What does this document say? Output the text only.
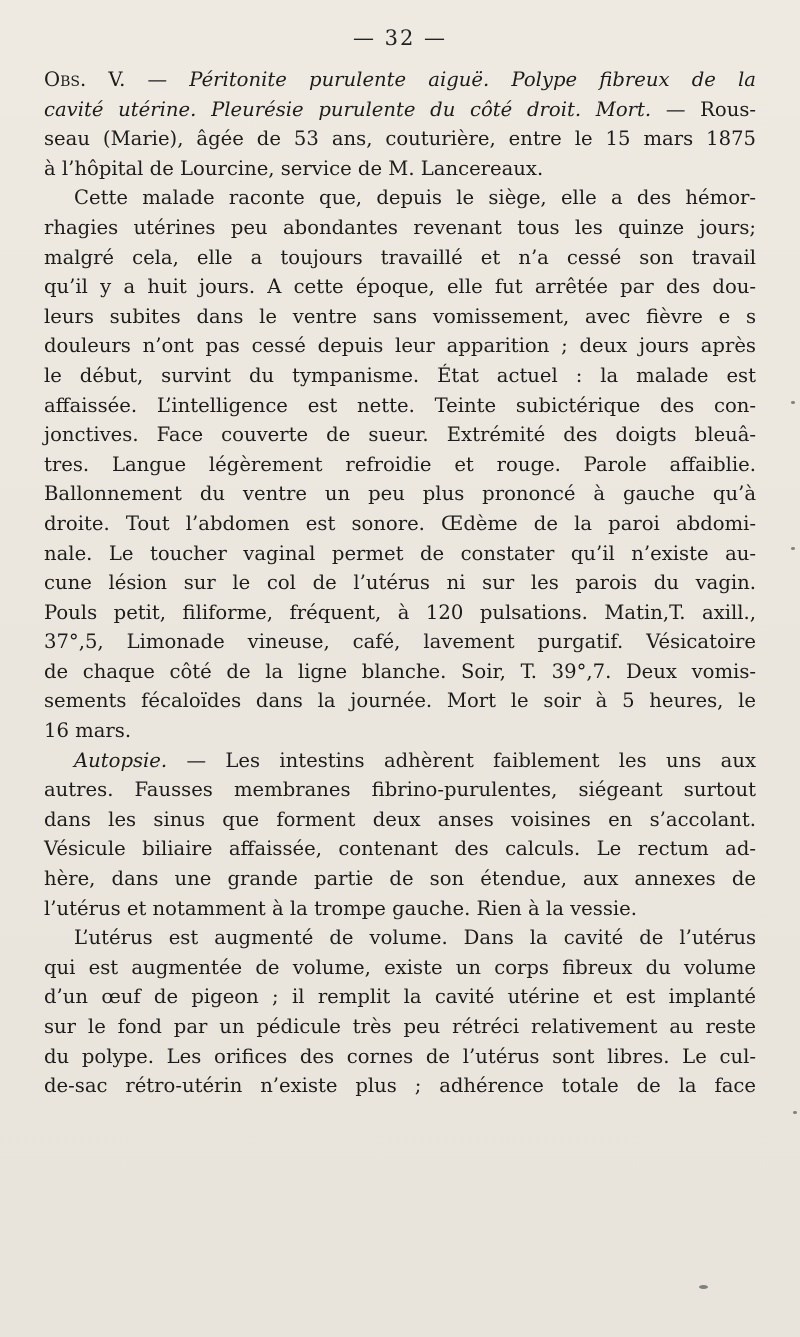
— 32 —
Obs. V. — Péritonite purulente aiguë. Polype fibreux de la
cavité utérine. Pleurésie purulente du côté droit. Mort. — Rous-
seau (Marie), âgée de 53 ans, couturière, entre le 15 mars 1875
à l’hôpital de Lourcine, service de M. Lancereaux.
Cette malade raconte que, depuis le siège, elle a des hémor-
rhagies utérines peu abondantes revenant tous les quinze jours;
malgré cela, elle a toujours travaillé et n’a cessé son travail
qu’il y a huit jours. A cette époque, elle fut arrêtée par des dou-
leurs subites dans le ventre sans vomissement, avec fièvre e s
douleurs n’ont pas cessé depuis leur apparition ; deux jours après
le début, survint du tympanisme. État actuel : la malade est
affaissée. L’intelligence est nette. Teinte subictérique des con-
jonctives. Face couverte de sueur. Extrémité des doigts bleuâ-
tres. Langue légèrement refroidie et rouge. Parole affaiblie.
Ballonnement du ventre un peu plus prononcé à gauche qu’à
droite. Tout l’abdomen est sonore. Œdème de la paroi abdomi-
nale. Le toucher vaginal permet de constater qu’il n’existe au-
cune lésion sur le col de l’utérus ni sur les parois du vagin.
Pouls petit, filiforme, fréquent, à 120 pulsations. Matin,T. axill.,
37°,5, Limonade vineuse, café, lavement purgatif. Vésicatoire
de chaque côté de la ligne blanche. Soir, T. 39°,7. Deux vomis-
sements fécaloïdes dans la journée. Mort le soir à 5 heures, le
16 mars.
Autopsie. — Les intestins adhèrent faiblement les uns aux
autres. Fausses membranes fibrino-purulentes, siégeant surtout
dans les sinus que forment deux anses voisines en s’accolant.
Vésicule biliaire affaissée, contenant des calculs. Le rectum ad-
hère, dans une grande partie de son étendue, aux annexes de
l’utérus et notamment à la trompe gauche. Rien à la vessie.
L’utérus est augmenté de volume. Dans la cavité de l’utérus
qui est augmentée de volume, existe un corps fibreux du volume
d’un œuf de pigeon ; il remplit la cavité utérine et est implanté
sur le fond par un pédicule très peu rétréci relativement au reste
du polype. Les orifices des cornes de l’utérus sont libres. Le cul-
de-sac rétro-utérin n’existe plus ; adhérence totale de la face
